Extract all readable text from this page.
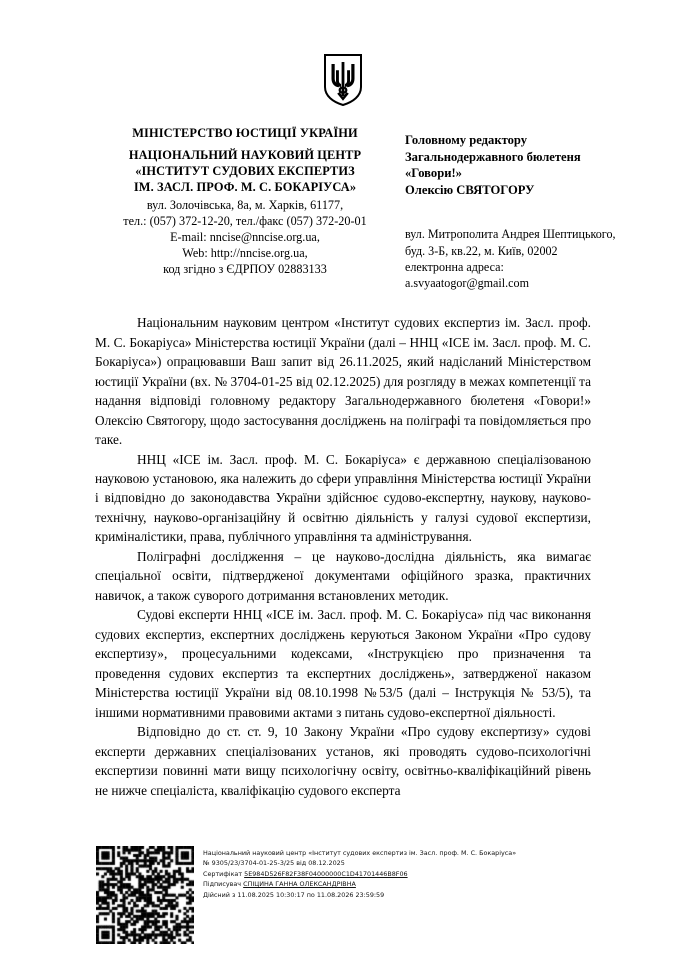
МІНІСТЕРСТВО ЮСТИЦІЇ УКРАЇНИ
НАЦІОНАЛЬНИЙ НАУКОВИЙ ЦЕНТР
«ІНСТИТУТ СУДОВИХ ЕКСПЕРТИЗ
ІМ. ЗАСЛ. ПРОФ. М. С. БОКАРІУСА»
вул. Золочівська, 8а, м. Харків, 61177,
тел.: (057) 372-12-20, тел./факс (057) 372-20-01
E-mail: nncise@nncise.org.ua,
Web: http://nncise.org.ua,
код згідно з ЄДРПОУ 02883133
Головному редактору
Загальнодержавного бюлетеня
«Говори!»
Олексію СВЯТОГОРУ
вул. Митрополита Андрея Шептицького,
буд. 3-Б, кв.22, м. Київ, 02002
електронна адреса:
a.svyaatogor@gmail.com

Національним науковим центром «Інститут судових експертиз ім. Засл. проф. М. С. Бокаріуса» Міністерства юстиції України (далі – ННЦ «ІСЕ ім. Засл. проф. М. С. Бокаріуса») опрацювавши Ваш запит від 26.11.2025, який надісланий Міністерством юстиції України (вх. № 3704-01-25 від 02.12.2025) для розгляду в межах компетенції та надання відповіді головному редактору Загальнодержавного бюлетеня «Говори!» Олексію Святогору, щодо застосування досліджень на поліграфі та повідомляється про таке.

ННЦ «ІСЕ ім. Засл. проф. М. С. Бокаріуса» є державною спеціалізованою науковою установою, яка належить до сфери управління Міністерства юстиції України і відповідно до законодавства України здійснює судово-експертну, наукову, науково-технічну, науково-організаційну й освітню діяльність у галузі судової експертизи, криміналістики, права, публічного управління та адміністрування.

Поліграфні дослідження – це науково-дослідна діяльність, яка вимагає спеціальної освіти, підтвердженої документами офіційного зразка, практичних навичок, а також суворого дотримання встановлених методик.

Судові експерти ННЦ «ІСЕ ім. Засл. проф. М. С. Бокаріуса» під час виконання судових експертиз, експертних досліджень керуються Законом України «Про судову експертизу», процесуальними кодексами, «Інструкцією про призначення та проведення судових експертиз та експертних досліджень», затвердженої наказом Міністерства юстиції України від 08.10.1998 №53/5 (далі – Інструкція № 53/5), та іншими нормативними правовими актами з питань судово-експертної діяльності.

Відповідно до ст. ст. 9, 10 Закону України «Про судову експертизу» судові експерти державних спеціалізованих установ, які проводять судово-психологічні експертизи повинні мати вищу психологічну освіту, освітньо-кваліфікаційний рівень не нижче спеціаліста, кваліфікацію судового експерта

Національний науковий центр «Інститут судових експертиз ім. Засл. проф. М. С. Бокаріуса»
№ 9305/23/3704-01-25-3/25 від 08.12.2025
Сертифікат 5E984D526F82F38F04000000C1D41701446B8F06
Підписувач СПІЦИНА ГАННА ОЛЕКСАНДРІВНА
Дійсний з 11.08.2025 10:30:17 по 11.08.2026 23:59:59
